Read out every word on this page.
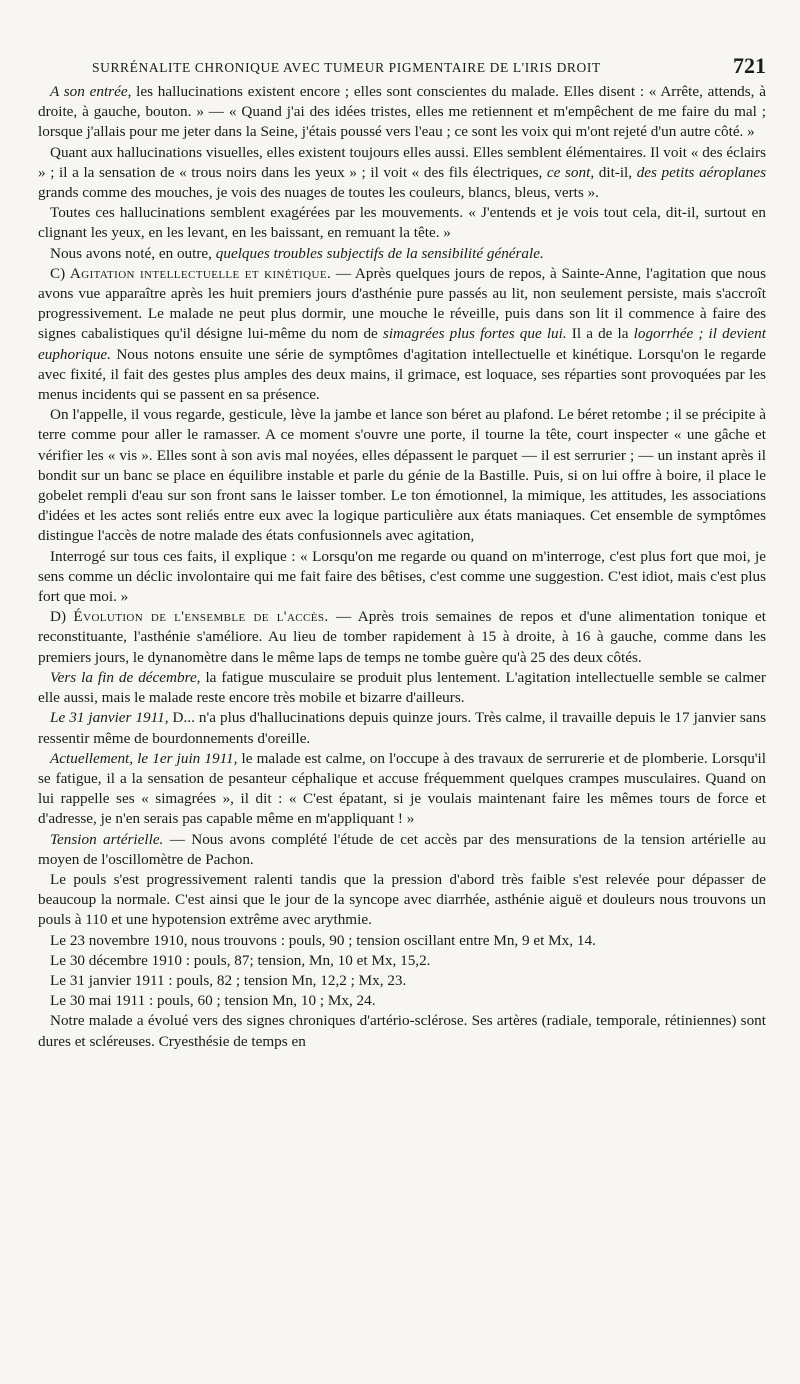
SURRÉNALITE CHRONIQUE AVEC TUMEUR PIGMENTAIRE DE L'IRIS DROIT	721

A son entrée, les hallucinations existent encore ; elles sont conscientes du malade. Elles disent : « Arrête, attends, à droite, à gauche, bouton. » — « Quand j'ai des idées tristes, elles me retiennent et m'empêchent de me faire du mal ; lorsque j'allais pour me jeter dans la Seine, j'étais poussé vers l'eau ; ce sont les voix qui m'ont rejeté d'un autre côté. »

Quant aux hallucinations visuelles, elles existent toujours elles aussi. Elles semblent élémentaires. Il voit « des éclairs » ; il a la sensation de « trous noirs dans les yeux » ; il voit « des fils électriques, ce sont, dit-il, des petits aéroplanes grands comme des mouches, je vois des nuages de toutes les couleurs, blancs, bleus, verts ».

Toutes ces hallucinations semblent exagérées par les mouvements. « J'entends et je vois tout cela, dit-il, surtout en clignant les yeux, en les levant, en les baissant, en remuant la tête. »

Nous avons noté, en outre, quelques troubles subjectifs de la sensibilité générale.

C) Agitation intellectuelle et kinétique. — Après quelques jours de repos, à Sainte-Anne, l'agitation que nous avons vue apparaître après les huit premiers jours d'asthénie pure passés au lit, non seulement persiste, mais s'accroît progressivement. Le malade ne peut plus dormir, une mouche le réveille, puis dans son lit il commence à faire des signes cabalistiques qu'il désigne lui-même du nom de simagrées plus fortes que lui. Il a de la logorrhée ; il devient euphorique. Nous notons ensuite une série de symptômes d'agitation intellectuelle et kinétique. Lorsqu'on le regarde avec fixité, il fait des gestes plus amples des deux mains, il grimace, est loquace, ses réparties sont provoquées par les menus incidents qui se passent en sa présence.

On l'appelle, il vous regarde, gesticule, lève la jambe et lance son béret au plafond. Le béret retombe ; il se précipite à terre comme pour aller le ramasser. A ce moment s'ouvre une porte, il tourne la tête, court inspecter « une gâche et vérifier les « vis ». Elles sont à son avis mal noyées, elles dépassent le parquet — il est serrurier ; — un instant après il bondit sur un banc se place en équilibre instable et parle du génie de la Bastille. Puis, si on lui offre à boire, il place le gobelet rempli d'eau sur son front sans le laisser tomber. Le ton émotionnel, la mimique, les attitudes, les associations d'idées et les actes sont reliés entre eux avec la logique particulière aux états maniaques. Cet ensemble de symptômes distingue l'accès de notre malade des états confusionnels avec agitation,

Interrogé sur tous ces faits, il explique : « Lorsqu'on me regarde ou quand on m'interroge, c'est plus fort que moi, je sens comme un déclic involontaire qui me fait faire des bêtises, c'est comme une suggestion. C'est idiot, mais c'est plus fort que moi. »

D) Évolution de l'ensemble de l'accès. — Après trois semaines de repos et d'une alimentation tonique et reconstituante, l'asthénie s'améliore. Au lieu de tomber rapidement à 15 à droite, à 16 à gauche, comme dans les premiers jours, le dynanomètre dans le même laps de temps ne tombe guère qu'à 25 des deux côtés.

Vers la fin de décembre, la fatigue musculaire se produit plus lentement. L'agitation intellectuelle semble se calmer elle aussi, mais le malade reste encore très mobile et bizarre d'ailleurs.

Le 31 janvier 1911, D... n'a plus d'hallucinations depuis quinze jours. Très calme, il travaille depuis le 17 janvier sans ressentir même de bourdonnements d'oreille.

Actuellement, le 1er juin 1911, le malade est calme, on l'occupe à des travaux de serrurerie et de plomberie. Lorsqu'il se fatigue, il a la sensation de pesanteur céphalique et accuse fréquemment quelques crampes musculaires. Quand on lui rappelle ses « simagrées », il dit : « C'est épatant, si je voulais maintenant faire les mêmes tours de force et d'adresse, je n'en serais pas capable même en m'appliquant ! »

Tension artérielle. — Nous avons complété l'étude de cet accès par des mensurations de la tension artérielle au moyen de l'oscillomètre de Pachon.

Le pouls s'est progressivement ralenti tandis que la pression d'abord très faible s'est relevée pour dépasser de beaucoup la normale. C'est ainsi que le jour de la syncope avec diarrhée, asthénie aiguë et douleurs nous trouvons un pouls à 110 et une hypotension extrême avec arythmie.

Le 23 novembre 1910, nous trouvons : pouls, 90 ; tension oscillant entre Mn, 9 et Mx, 14.

Le 30 décembre 1910 : pouls, 87; tension, Mn, 10 et Mx, 15,2.

Le 31 janvier 1911 : pouls, 82 ; tension Mn, 12,2 ; Mx, 23.

Le 30 mai 1911 : pouls, 60 ; tension Mn, 10 ; Mx, 24.

Notre malade a évolué vers des signes chroniques d'artério-sclérose. Ses artères (radiale, temporale, rétiniennes) sont dures et scléreuses. Cryesthésie de temps en
